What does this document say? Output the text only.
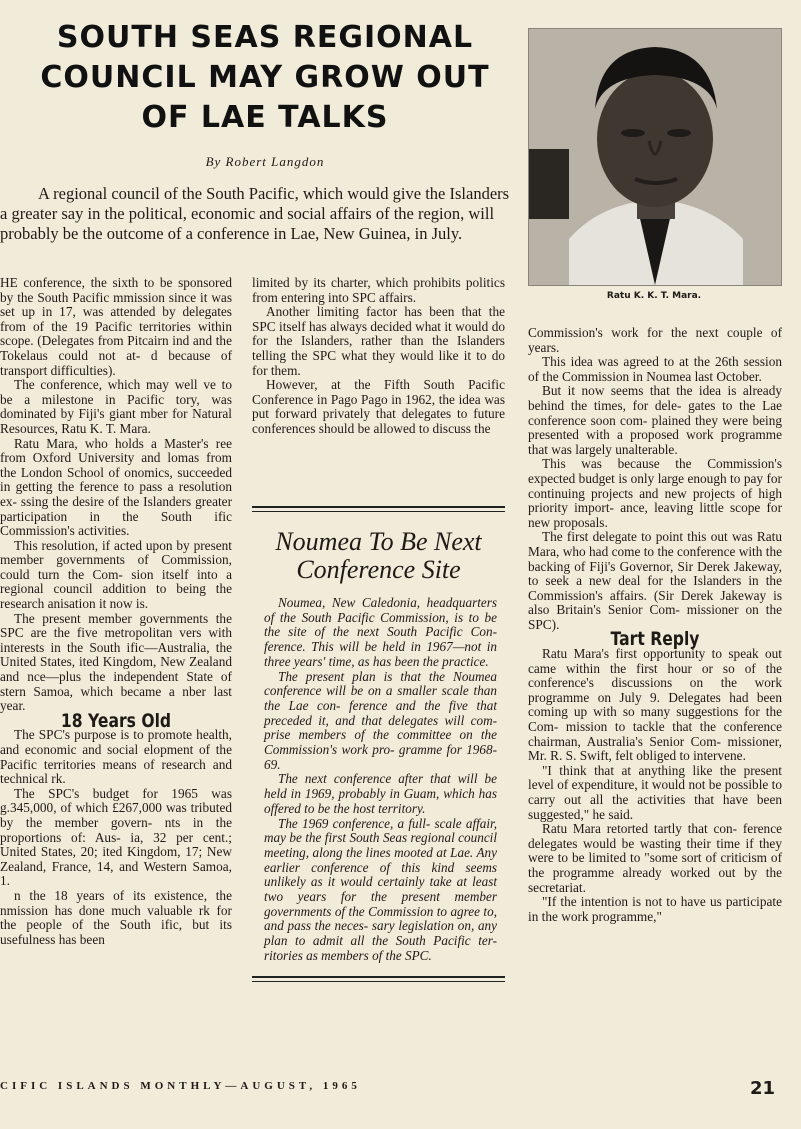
SOUTH SEAS REGIONAL COUNCIL MAY GROW OUT OF LAE TALKS
By Robert Langdon
A regional council of the South Pacific, which would give the Islanders a greater say in the political, economic and social affairs of the region, will probably be the outcome of a conference in Lae, New Guinea, in July.
Ratu K. K. T. Mara.

HE conference, the sixth to be sponsored by the South Pacific mmission since it was set up in 17, was attended by delegates from of the 19 Pacific territories within scope. (Delegates from Pitcairn ind and the Tokelaus could not at- d because of transport difficulties).

The conference, which may well ve to be a milestone in Pacific tory, was dominated by Fiji's giant mber for Natural Resources, Ratu K. T. Mara.

Ratu Mara, who holds a Master's ree from Oxford University and lomas from the London School of onomics, succeeded in getting the ference to pass a resolution ex- ssing the desire of the Islanders greater participation in the South ific Commission's activities.

This resolution, if acted upon by present member governments of Commission, could turn the Com- sion itself into a regional council addition to being the research anisation it now is.

The present member governments the SPC are the five metropolitan vers with interests in the South ific—Australia, the United States, ited Kingdom, New Zealand and nce—plus the independent State of stern Samoa, which became a nber last year.

18 Years Old

The SPC's purpose is to promote health, and economic and social elopment of the Pacific territories means of research and technical rk.

The SPC's budget for 1965 was g.345,000, of which £267,000 was tributed by the member govern- nts in the proportions of: Aus- ia, 32 per cent.; United States, 20; ited Kingdom, 17; New Zealand, France, 14, and Western Samoa, 1.

n the 18 years of its existence, the nmission has done much valuable rk for the people of the South ific, but its usefulness has been

limited by its charter, which prohibits politics from entering into SPC affairs.

Another limiting factor has been that the SPC itself has always decided what it would do for the Islanders, rather than the Islanders telling the SPC what they would like it to do for them.

However, at the Fifth South Pacific Conference in Pago Pago in 1962, the idea was put forward privately that delegates to future conferences should be allowed to discuss the

Noumea To Be Next Conference Site

Noumea, New Caledonia, headquarters of the South Pacific Commission, is to be the site of the next South Pacific Con- ference. This will be held in 1967—not in three years' time, as has been the practice.

The present plan is that the Noumea conference will be on a smaller scale than the Lae con- ference and the five that preceded it, and that delegates will com- prise members of the committee on the Commission's work pro- gramme for 1968-69.

The next conference after that will be held in 1969, probably in Guam, which has offered to be the host territory.

The 1969 conference, a full- scale affair, may be the first South Seas regional council meeting, along the lines mooted at Lae. Any earlier conference of this kind seems unlikely as it would certainly take at least two years for the present member governments of the Commission to agree to, and pass the neces- sary legislation on, any plan to admit all the South Pacific ter- ritories as members of the SPC.

Commission's work for the next couple of years.

This idea was agreed to at the 26th session of the Commission in Noumea last October.

But it now seems that the idea is already behind the times, for dele- gates to the Lae conference soon com- plained they were being presented with a proposed work programme that was largely unalterable.

This was because the Commission's expected budget is only large enough to pay for continuing projects and new projects of high priority import- ance, leaving little scope for new proposals.

The first delegate to point this out was Ratu Mara, who had come to the conference with the backing of Fiji's Governor, Sir Derek Jakeway, to seek a new deal for the Islanders in the Commission's affairs. (Sir Derek Jakeway is also Britain's Senior Com- missioner on the SPC).

Tart Reply

Ratu Mara's first opportunity to speak out came within the first hour or so of the conference's discussions on the work programme on July 9. Delegates had been coming up with so many suggestions for the Com- mission to tackle that the conference chairman, Australia's Senior Com- missioner, Mr. R. S. Swift, felt obliged to intervene.

"I think that at anything like the present level of expenditure, it would not be possible to carry out all the activities that have been suggested," he said.

Ratu Mara retorted tartly that con- ference delegates would be wasting their time if they were to be limited to "some sort of criticism of the programme already worked out by the secretariat.

"If the intention is not to have us participate in the work programme,"

CIFIC ISLANDS MONTHLY—AUGUST, 1965	21
